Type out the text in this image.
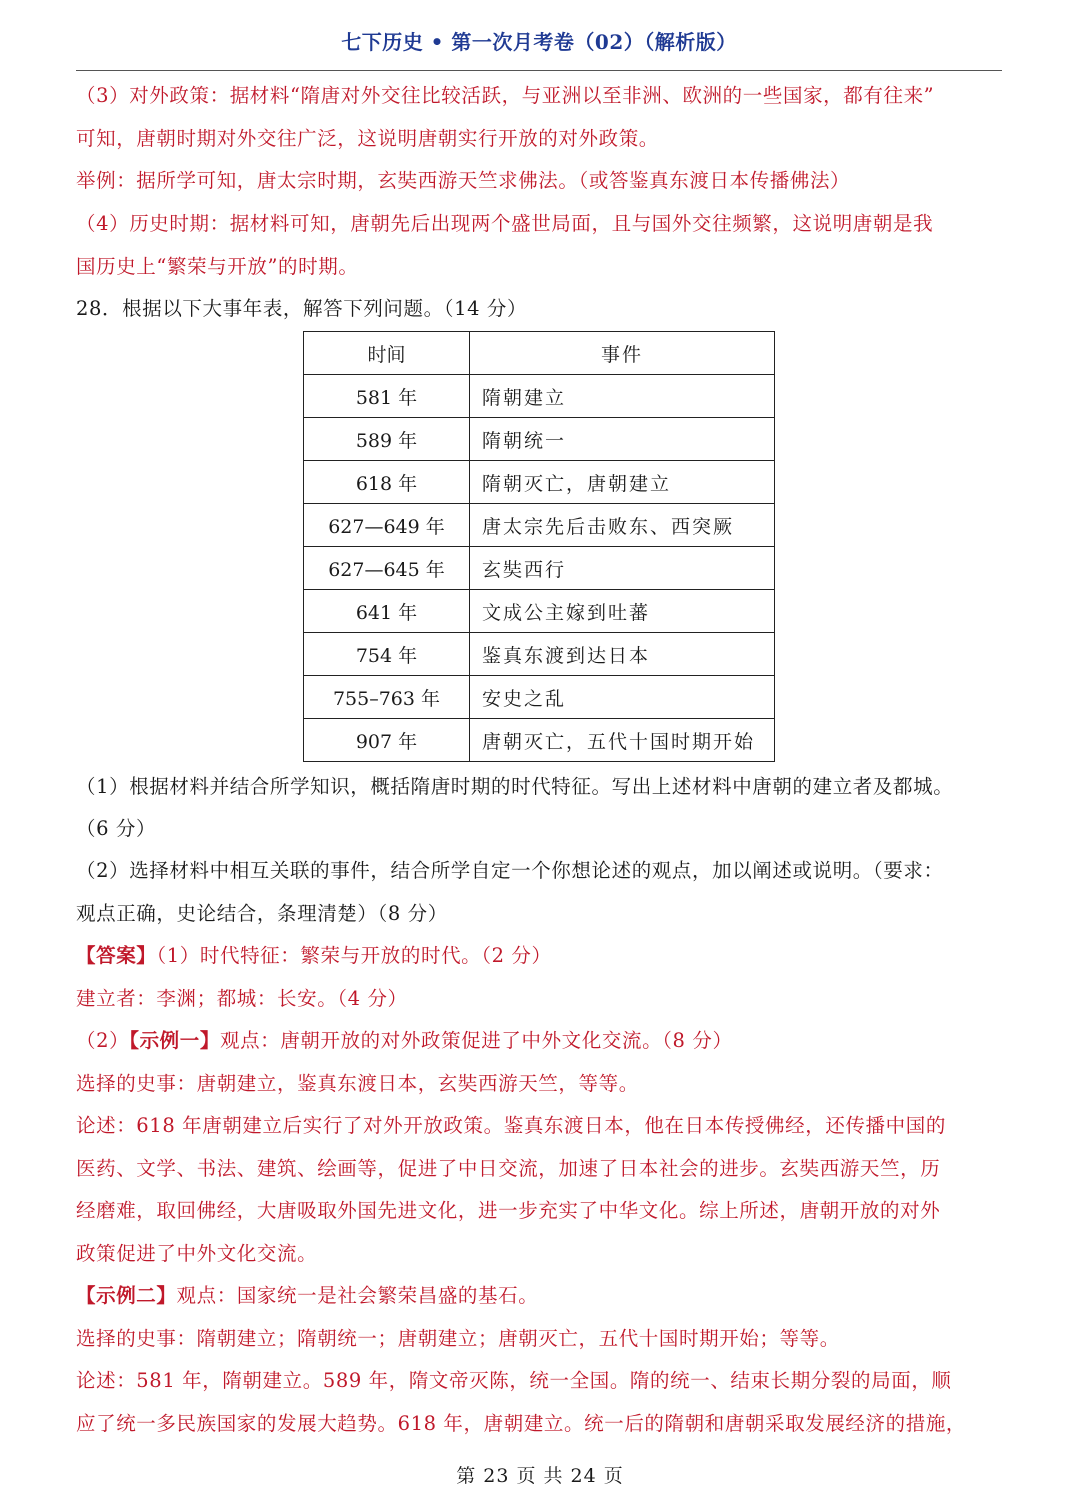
七下历史 • 第一次月考卷（02）（解析版）
（3）对外政策：据材料“隋唐对外交往比较活跃，与亚洲以至非洲、欧洲的一些国家，都有往来”
可知，唐朝时期对外交往广泛，这说明唐朝实行开放的对外政策。
举例：据所学可知，唐太宗时期，玄奘西游天竺求佛法。（或答鉴真东渡日本传播佛法）
（4）历史时期：据材料可知，唐朝先后出现两个盛世局面，且与国外交往频繁，这说明唐朝是我
国历史上“繁荣与开放”的时期。
28．根据以下大事年表，解答下列问题。（14 分）
时间	事件
581 年	隋朝建立
589 年	隋朝统一
618 年	隋朝灭亡，唐朝建立
627—649 年	唐太宗先后击败东、西突厥
627—645 年	玄奘西行
641 年	文成公主嫁到吐蕃
754 年	鉴真东渡到达日本
755–763 年	安史之乱
907 年	唐朝灭亡，五代十国时期开始
（1）根据材料并结合所学知识，概括隋唐时期的时代特征。写出上述材料中唐朝的建立者及都城。
（6 分）
（2）选择材料中相互关联的事件，结合所学自定一个你想论述的观点，加以阐述或说明。（要求：
观点正确，史论结合，条理清楚）（8 分）
【答案】（1）时代特征：繁荣与开放的时代。（2 分）
建立者：李渊；都城：长安。（4 分）
（2）【示例一】观点：唐朝开放的对外政策促进了中外文化交流。（8 分）
选择的史事：唐朝建立，鉴真东渡日本，玄奘西游天竺，等等。
论述：618 年唐朝建立后实行了对外开放政策。鉴真东渡日本，他在日本传授佛经，还传播中国的
医药、文学、书法、建筑、绘画等，促进了中日交流，加速了日本社会的进步。玄奘西游天竺，历
经磨难，取回佛经，大唐吸取外国先进文化，进一步充实了中华文化。综上所述，唐朝开放的对外
政策促进了中外文化交流。
【示例二】观点：国家统一是社会繁荣昌盛的基石。
选择的史事：隋朝建立；隋朝统一；唐朝建立；唐朝灭亡，五代十国时期开始；等等。
论述：581 年，隋朝建立。589 年，隋文帝灭陈，统一全国。隋的统一、结束长期分裂的局面，顺
应了统一多民族国家的发展大趋势。618 年，唐朝建立。统一后的隋朝和唐朝采取发展经济的措施，
第 23 页 共 24 页
